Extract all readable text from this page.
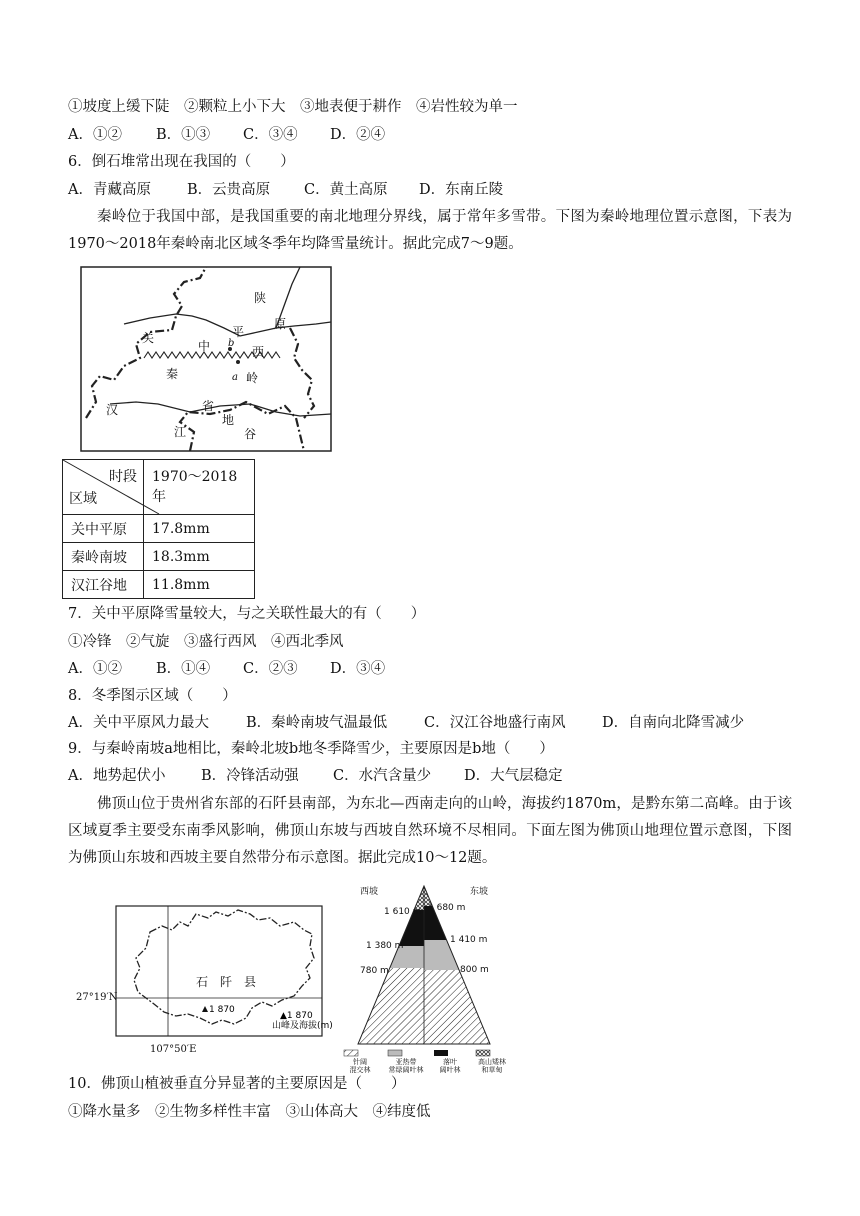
①坡度上缓下陡　②颗粒上小下大　③地表便于耕作　④岩性较为单一
A．①② B．①③ C．③④ D．②④
6．倒石堆常出现在我国的（　　）
A．青藏高原 B．云贵高原 C．黄土高原 D．东南丘陵
秦岭位于我国中部，是我国重要的南北地理分界线，属于常年多雪带。下图为秦岭地理位置示意图，下表为1970～2018年秦岭南北区域冬季年均降雪量统计。据此完成7～9题。
陕
关	平
原
中 b
西
秦	a 岭
汉	省
地
江	谷
时段
区域	1970～2018年
关中平原	17.8mm
秦岭南坡	18.3mm
汉江谷地	11.8mm
7．关中平原降雪量较大，与之关联性最大的有（　　）
①冷锋　②气旋　③盛行西风　④西北季风
A．①② B．①④ C．②③ D．③④
8．冬季图示区域（　　）
A．关中平原风力最大	B．秦岭南坡气温最低	C．汉江谷地盛行南风	D．自南向北降雪减少
9．与秦岭南坡a地相比，秦岭北坡b地冬季降雪少，主要原因是b地（　　）
A．地势起伏小 B．冷锋活动强 C．水汽含量少 D．大气层稳定
佛顶山位于贵州省东部的石阡县南部，为东北—西南走向的山岭，海拔约1870m，是黔东第二高峰。由于该区域夏季主要受东南季风影响，佛顶山东坡与西坡自然环境不尽相同。下面左图为佛顶山地理位置示意图，下图为佛顶山东坡和西坡主要自然带分布示意图。据此完成10～12题。
石　阡　县
27°19′N
107°50′E
1 870
▲1 870
山峰及海拔(m)
西坡	东坡
1 610 m
1 380 m
780 m
1 680 m
1 410 m
800 m
针阔
混交林
亚热带
常绿阔叶林
落叶
阔叶林
高山矮林
和草甸
10．佛顶山植被垂直分异显著的主要原因是（　　）
①降水量多　②生物多样性丰富　③山体高大　④纬度低
